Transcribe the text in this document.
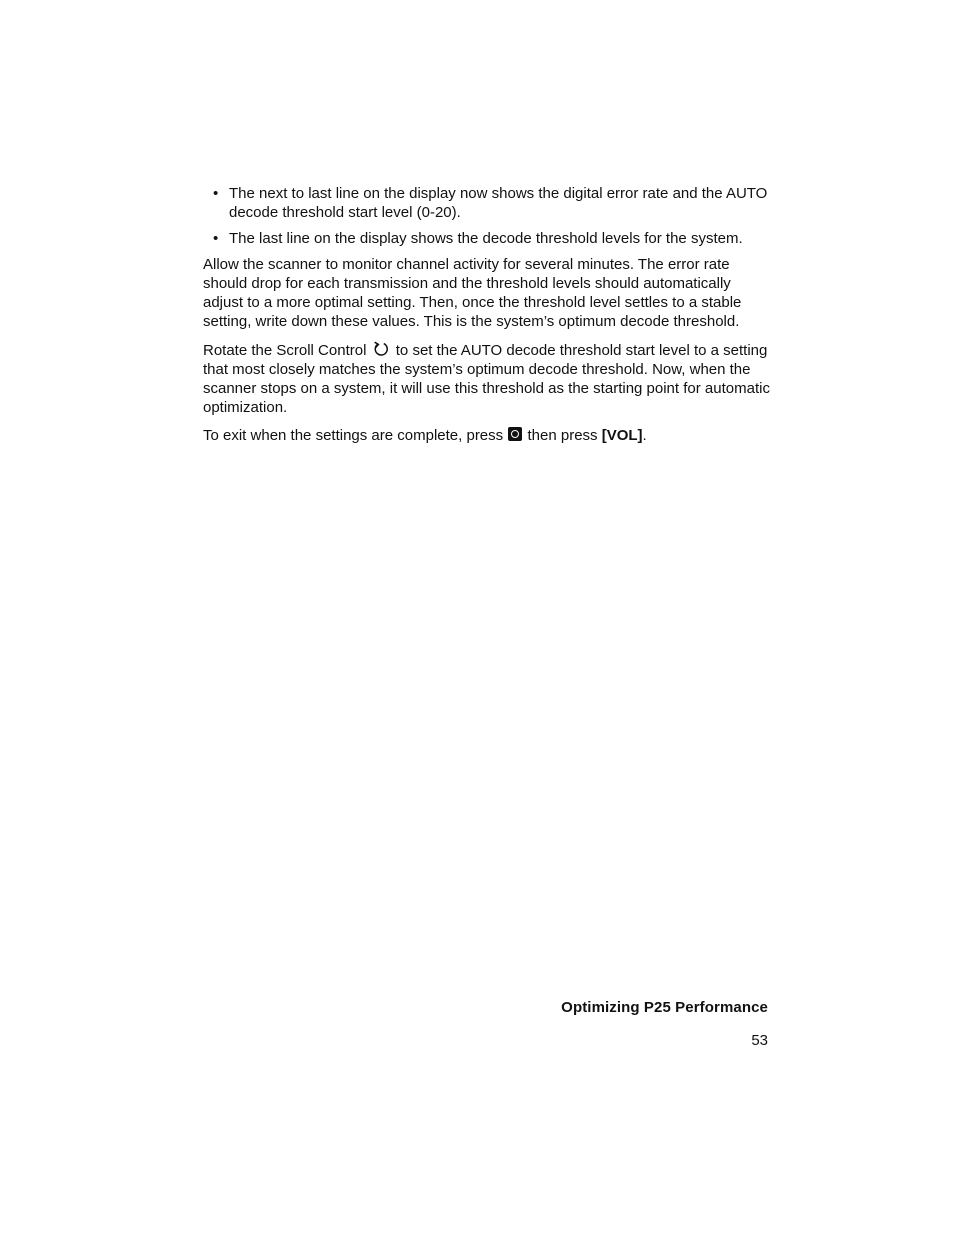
• The next to last line on the display now shows the digital error rate and the AUTO decode threshold start level (0-20).
• The last line on the display shows the decode threshold levels for the system.

Allow the scanner to monitor channel activity for several minutes. The error rate should drop for each transmission and the threshold levels should automatically adjust to a more optimal setting. Then, once the threshold level settles to a stable setting, write down these values. This is the system’s optimum decode threshold.

Rotate the Scroll Control to set the AUTO decode threshold start level to a setting that most closely matches the system’s optimum decode threshold. Now, when the scanner stops on a system, it will use this threshold as the starting point for automatic optimization.

To exit when the settings are complete, press then press [VOL].

Optimizing P25 Performance
53
